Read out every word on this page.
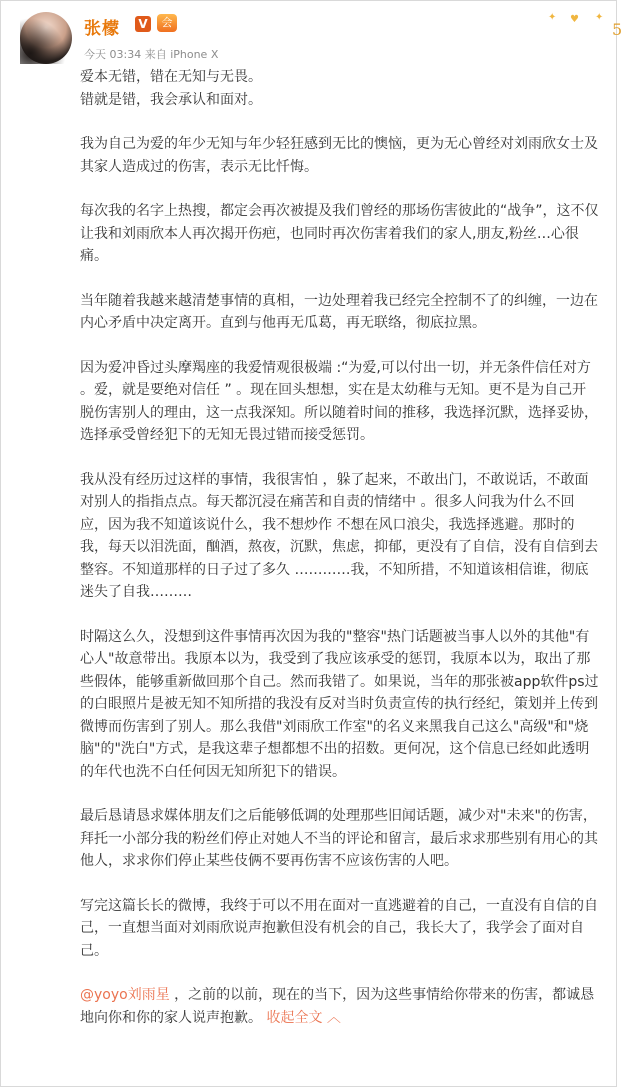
张檬 V	会
今天 03:34 来自 iPhone X
✦ ♥ ✦
5

爱本无错，错在无知与无畏。

错就是错，我会承认和面对。

我为自己为爱的年少无知与年少轻狂感到无比的懊恼，更为无心曾经对刘雨欣女士及其家人造成过的伤害，表示无比忏悔。

每次我的名字上热搜，都定会再次被提及我们曾经的那场伤害彼此的“战争”，这不仅让我和刘雨欣本人再次揭开伤疤，也同时再次伤害着我们的家人,朋友,粉丝…心很痛。

当年随着我越来越清楚事情的真相，一边处理着我已经完全控制不了的纠缠，一边在内心矛盾中决定离开。直到与他再无瓜葛，再无联络，彻底拉黑。

因为爱冲昏过头摩羯座的我爱情观很极端 :“为爱,可以付出一切，并无条件信任对方 。爱，就是要绝对信任 ” 。现在回头想想，实在是太幼稚与无知。更不是为自己开脱伤害别人的理由，这一点我深知。所以随着时间的推移，我选择沉默，选择妥协，选择承受曾经犯下的无知无畏过错而接受惩罚。

我从没有经历过这样的事情，我很害怕 ，躲了起来，不敢出门，不敢说话，不敢面对别人的指指点点。每天都沉浸在痛苦和自责的情绪中 。很多人问我为什么不回应，因为我不知道该说什么，我不想炒作 不想在风口浪尖，我选择逃避。那时的我，每天以泪洗面，酗酒，熬夜，沉默，焦虑，抑郁，更没有了自信，没有自信到去整容。不知道那样的日子过了多久 …………我，不知所措，不知道该相信谁，彻底迷失了自我………

时隔这么久，没想到这件事情再次因为我的"整容"热门话题被当事人以外的其他"有心人"故意带出。我原本以为，我受到了我应该承受的惩罚，我原本以为，取出了那些假体，能够重新做回那个自己。然而我错了。如果说，当年的那张被app软件ps过的白眼照片是被无知不知所措的我没有反对当时负责宣传的执行经纪，策划并上传到微博而伤害到了别人。那么我借"刘雨欣工作室"的名义来黑我自己这么"高级"和"烧脑"的"洗白"方式，是我这辈子想都想不出的招数。更何况，这个信息已经如此透明的年代也洗不白任何因无知所犯下的错误。

最后恳请恳求媒体朋友们之后能够低调的处理那些旧闻话题，减少对"未来"的伤害，拜托一小部分我的粉丝们停止对她人不当的评论和留言，最后求求那些别有用心的其他人，求求你们停止某些伎俩不要再伤害不应该伤害的人吧。

写完这篇长长的微博，我终于可以不用在面对一直逃避着的自己，一直没有自信的自己，一直想当面对刘雨欣说声抱歉但没有机会的自己，我长大了，我学会了面对自己。

@yoyo刘雨星 ，之前的以前，现在的当下，因为这些事情给你带来的伤害，都诚恳地向你和你的家人说声抱歉。 收起全文 ︿
